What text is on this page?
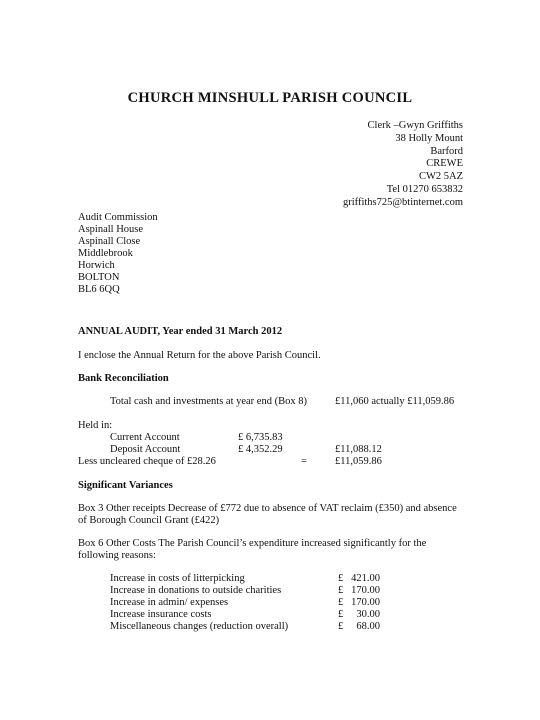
CHURCH MINSHULL PARISH COUNCIL
Clerk –Gwyn Griffiths
38 Holly Mount
Barford
CREWE
CW2 5AZ
Tel 01270 653832
griffiths725@btinternet.com
Audit Commission
Aspinall House
Aspinall Close
Middlebrook
Horwich
BOLTON
BL6 6QQ
ANNUAL AUDIT, Year ended 31 March 2012
I enclose the Annual Return for the above Parish Council.
Bank Reconciliation
Total cash and investments at year end (Box 8)	£11,060 actually £11,059.86
Held in:
Current Account	£ 6,735.83
Deposit Account	£ 4,352.29	£11,088.12
Less uncleared cheque of £28.26	=	£11,059.86
Significant Variances
Box 3 Other receipts Decrease of £772 due to absence of VAT reclaim (£350) and absence of Borough Council Grant (£422)
Box 6 Other Costs The Parish Council’s expenditure increased significantly for the following reasons:
Increase in costs of litterpicking	£ 421.00
Increase in donations to outside charities	£ 170.00
Increase in admin/ expenses	£ 170.00
Increase insurance costs	£ 30.00
Miscellaneous changes (reduction overall)	£ 68.00
